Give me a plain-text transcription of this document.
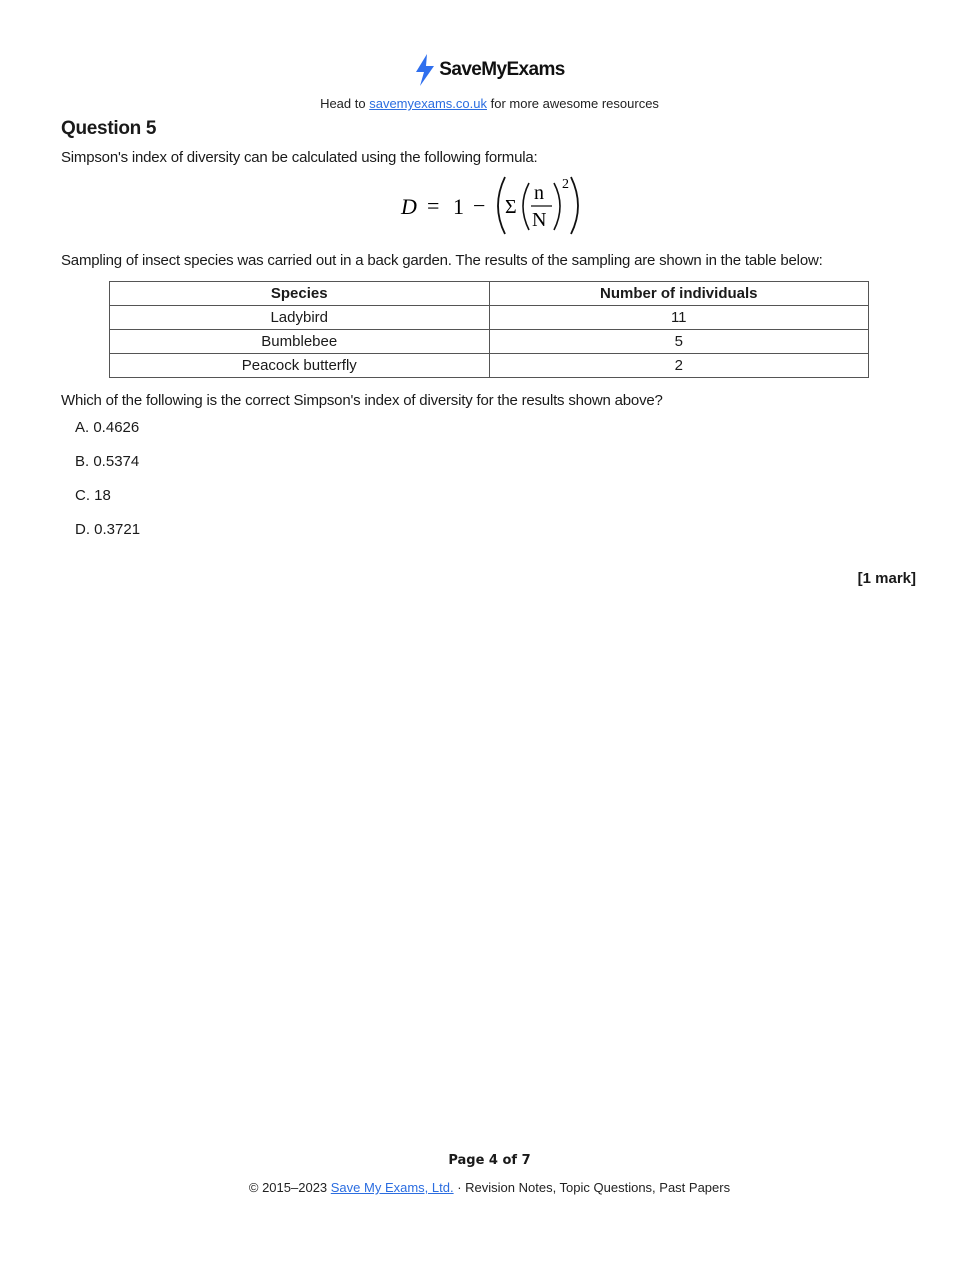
SaveMyExams
Head to savemyexams.co.uk for more awesome resources
Question 5
Simpson's index of diversity can be calculated using the following formula:
D = 1 − Σ
n
N
2
Sampling of insect species was carried out in a back garden. The results of the sampling are shown in the table below:
Species	Number of individuals
Ladybird	11
Bumblebee	5
Peacock butterfly	2
Which of the following is the correct Simpson's index of diversity for the results shown above?
A. 0.4626
B. 0.5374
C. 18
D. 0.3721
[1 mark]
Page 4 of 7
© 2015–2023 Save My Exams, Ltd. · Revision Notes, Topic Questions, Past Papers
